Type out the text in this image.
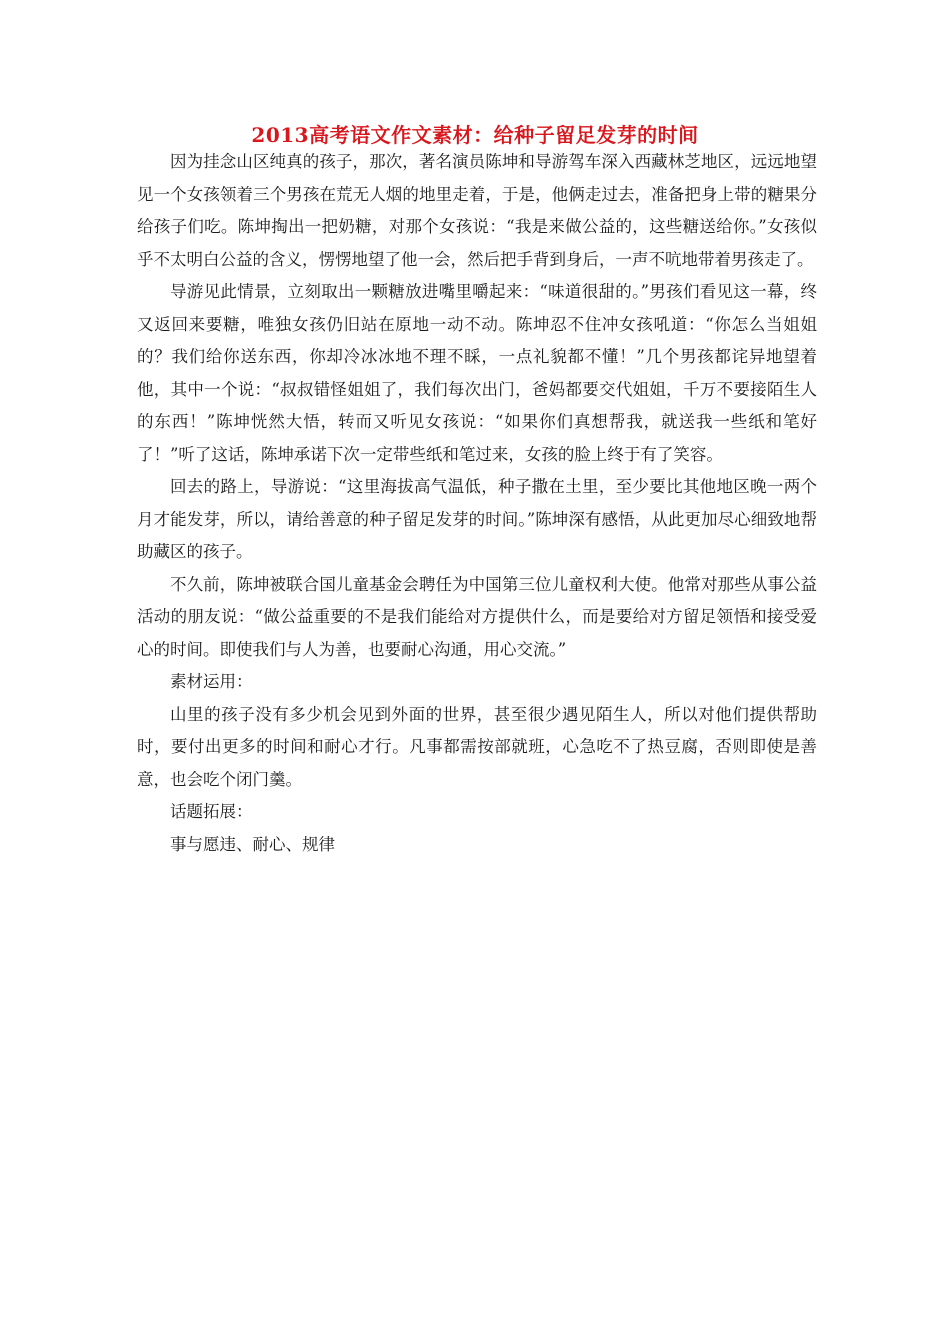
2013高考语文作文素材：给种子留足发芽的时间

因为挂念山区纯真的孩子，那次，著名演员陈坤和导游驾车深入西藏林芝地区，远远地望见一个女孩领着三个男孩在荒无人烟的地里走着，于是，他俩走过去，准备把身上带的糖果分给孩子们吃。陈坤掏出一把奶糖，对那个女孩说：“我是来做公益的，这些糖送给你。”女孩似乎不太明白公益的含义，愣愣地望了他一会，然后把手背到身后，一声不吭地带着男孩走了。

导游见此情景，立刻取出一颗糖放进嘴里嚼起来：“味道很甜的。”男孩们看见这一幕，终又返回来要糖，唯独女孩仍旧站在原地一动不动。陈坤忍不住冲女孩吼道：“你怎么当姐姐的？我们给你送东西，你却冷冰冰地不理不睬，一点礼貌都不懂！”几个男孩都诧异地望着他，其中一个说：“叔叔错怪姐姐了，我们每次出门，爸妈都要交代姐姐，千万不要接陌生人的东西！”陈坤恍然大悟，转而又听见女孩说：“如果你们真想帮我，就送我一些纸和笔好了！”听了这话，陈坤承诺下次一定带些纸和笔过来，女孩的脸上终于有了笑容。

回去的路上，导游说：“这里海拔高气温低，种子撒在土里，至少要比其他地区晚一两个月才能发芽，所以，请给善意的种子留足发芽的时间。”陈坤深有感悟，从此更加尽心细致地帮助藏区的孩子。

不久前，陈坤被联合国儿童基金会聘任为中国第三位儿童权利大使。他常对那些从事公益活动的朋友说：“做公益重要的不是我们能给对方提供什么，而是要给对方留足领悟和接受爱心的时间。即使我们与人为善，也要耐心沟通，用心交流。”

素材运用：

山里的孩子没有多少机会见到外面的世界，甚至很少遇见陌生人，所以对他们提供帮助时，要付出更多的时间和耐心才行。凡事都需按部就班，心急吃不了热豆腐，否则即使是善意，也会吃个闭门羹。

话题拓展：

事与愿违、耐心、规律
